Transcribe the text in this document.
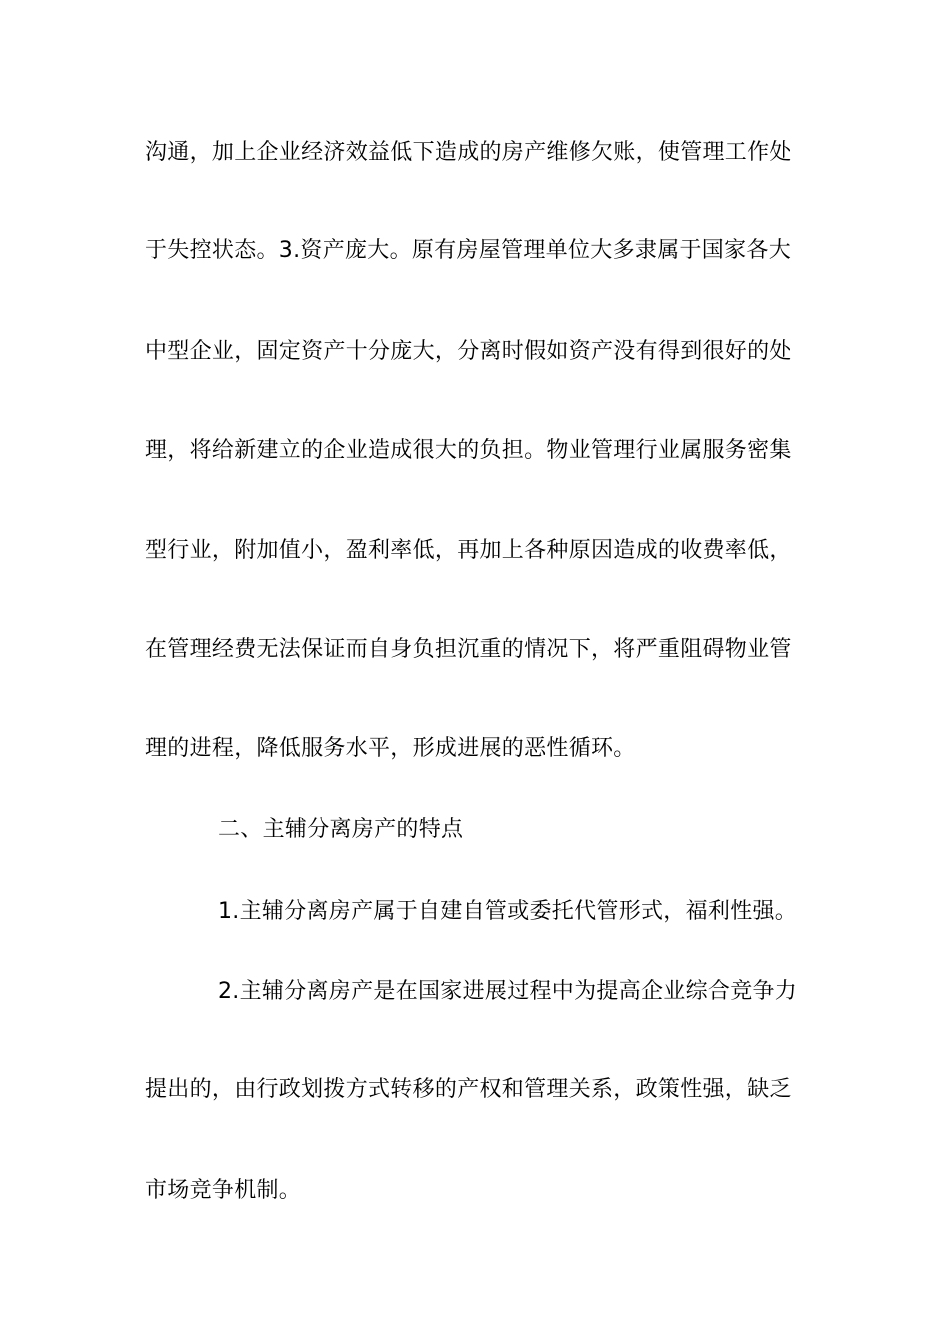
沟通，加上企业经济效益低下造成的房产维修欠账，使管理工作处
于失控状态。3.资产庞大。原有房屋管理单位大多隶属于国家各大
中型企业，固定资产十分庞大，分离时假如资产没有得到很好的处
理，将给新建立的企业造成很大的负担。物业管理行业属服务密集
型行业，附加值小，盈利率低，再加上各种原因造成的收费率低，
在管理经费无法保证而自身负担沉重的情况下，将严重阻碍物业管
理的进程，降低服务水平，形成进展的恶性循环。
二、主辅分离房产的特点
1.主辅分离房产属于自建自管或委托代管形式，福利性强。
2.主辅分离房产是在国家进展过程中为提高企业综合竞争力
提出的，由行政划拨方式转移的产权和管理关系，政策性强，缺乏
市场竞争机制。
